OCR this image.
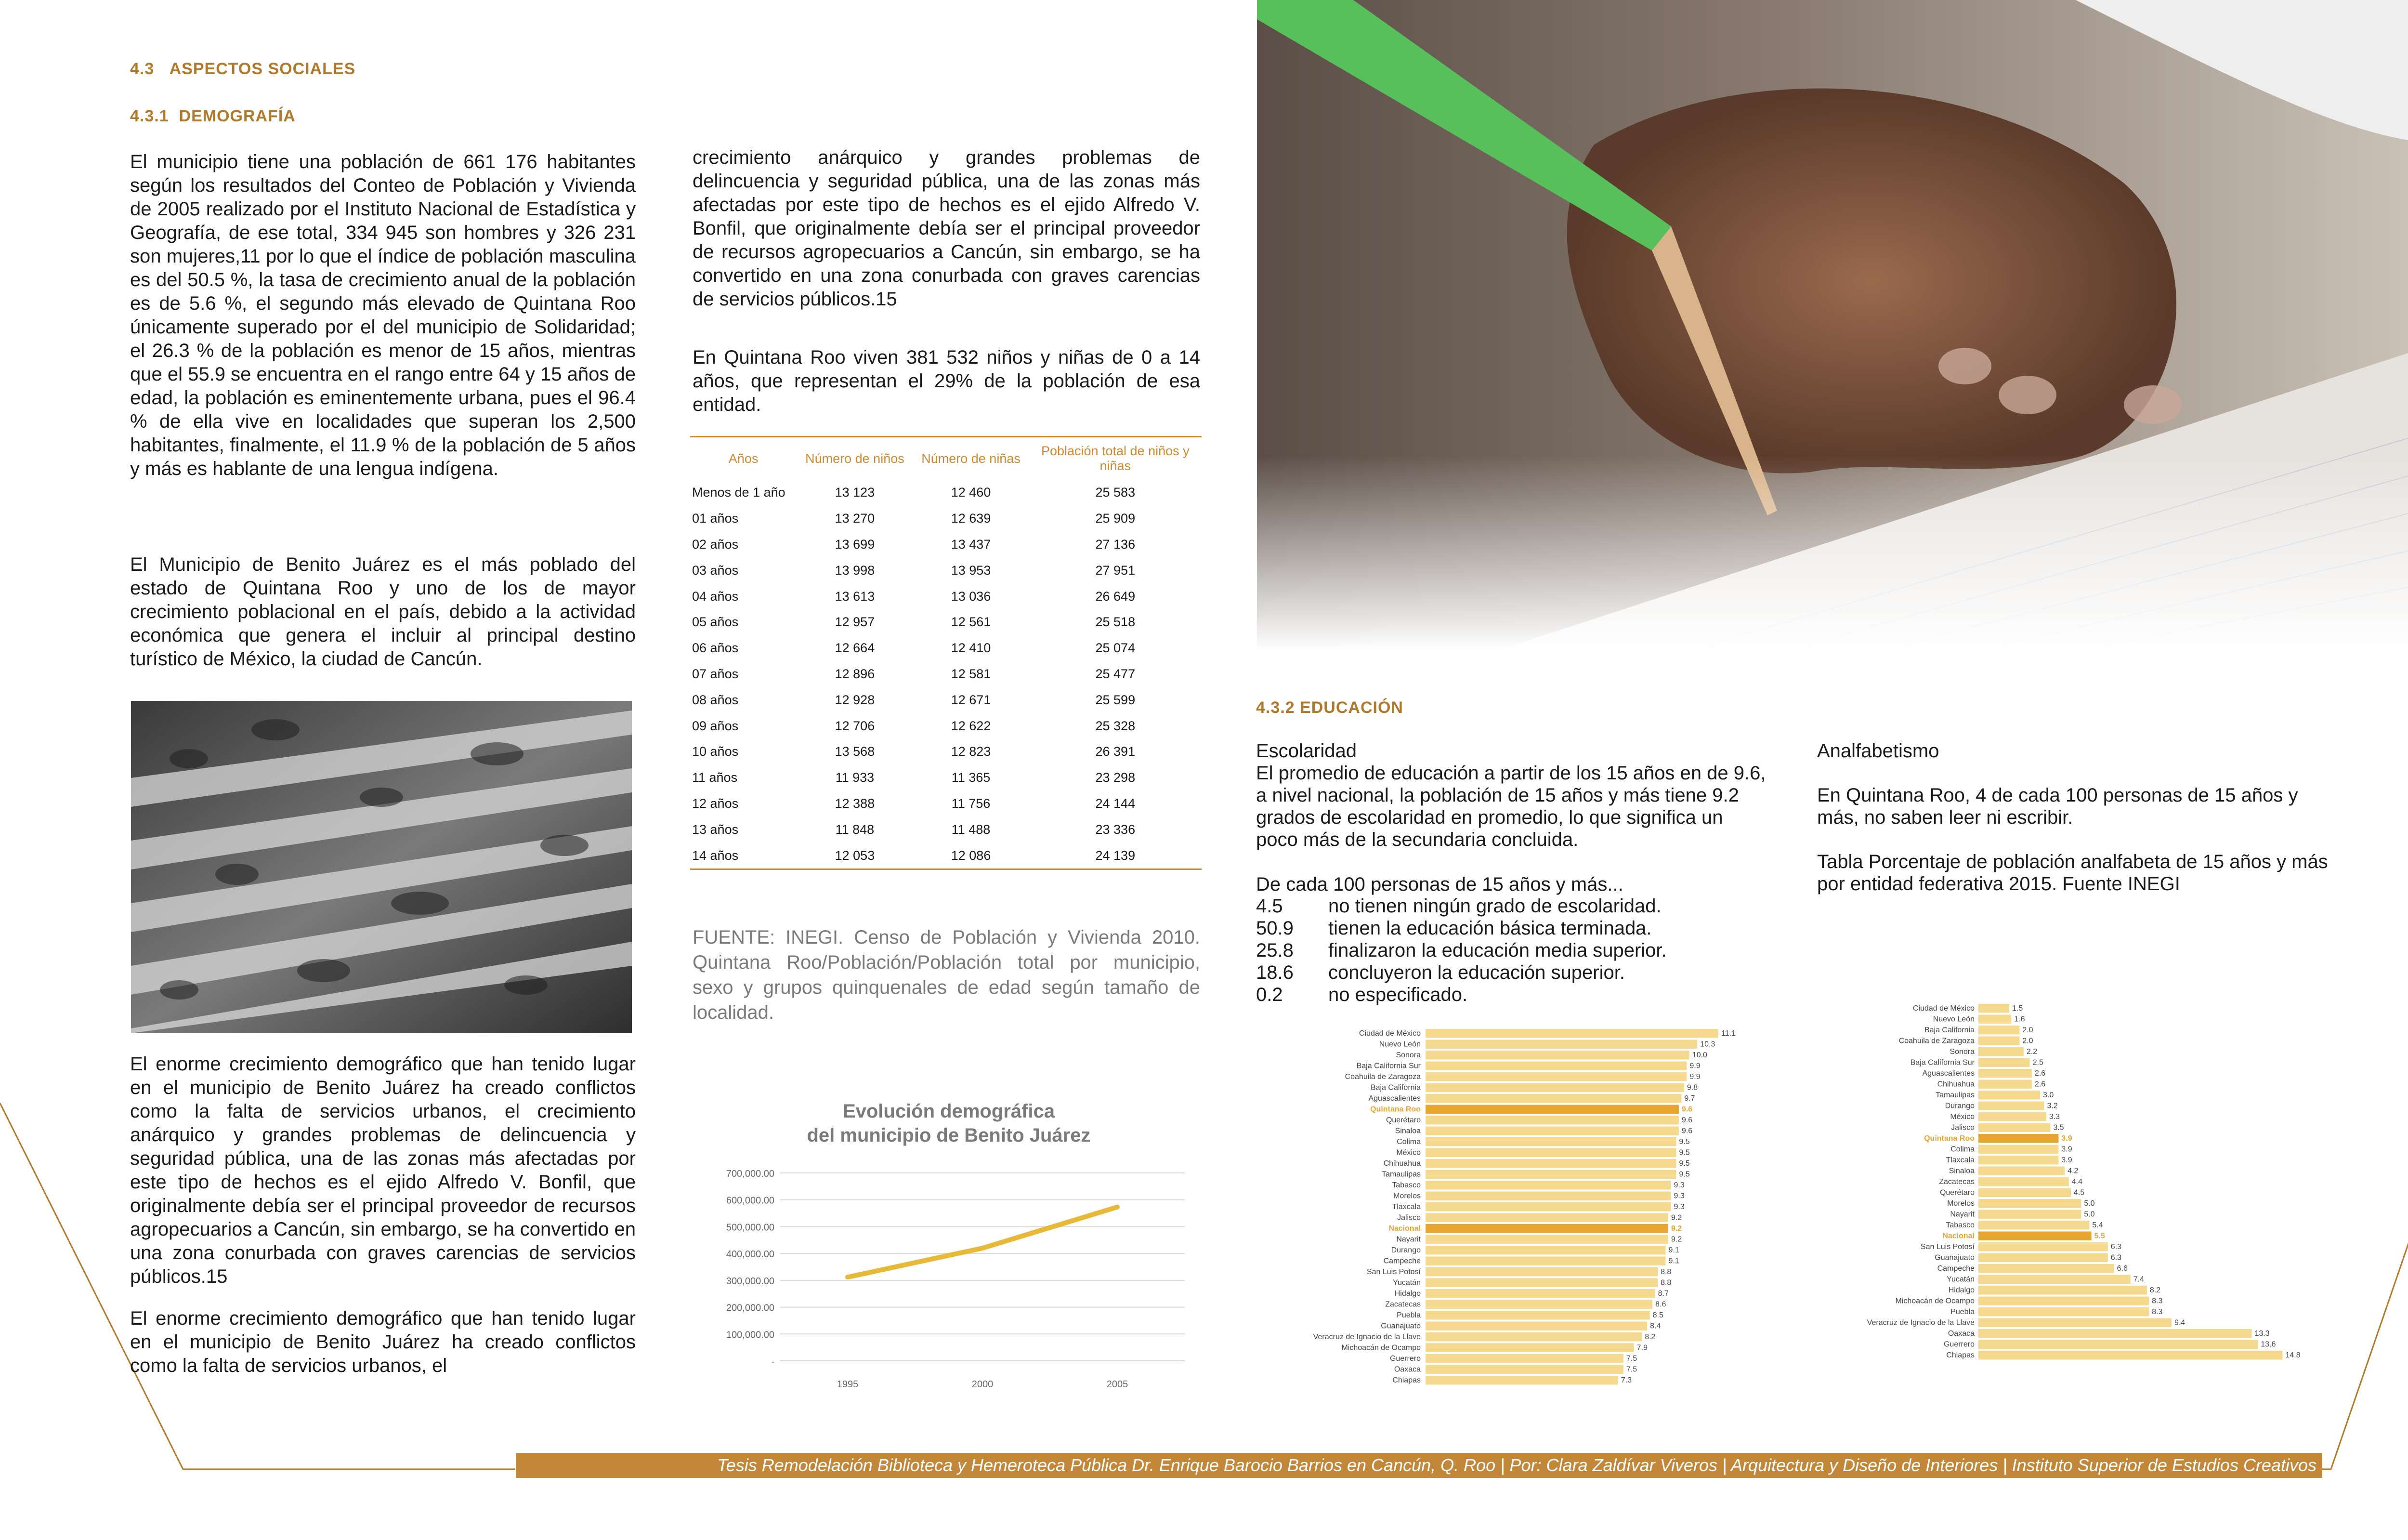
4.3 ASPECTOS SOCIALES
4.3.1 DEMOGRAFÍA
El municipio tiene una población de 661 176 habitantes según los resultados del Conteo de Población y Vivienda de 2005 realizado por el Instituto Nacional de Estadística y Geografía, de ese total, 334 945 son hombres y 326 231 son mujeres,11 por lo que el índice de población masculina es del 50.5 %, la tasa de crecimiento anual de la población es de 5.6 %, el segundo más elevado de Quintana Roo únicamente superado por el del municipio de Solidaridad; el 26.3 % de la población es menor de 15 años, mientras que el 55.9 se encuentra en el rango entre 64 y 15 años de edad, la población es eminentemente urbana, pues el 96.4 % de ella vive en localidades que superan los 2,500 habitantes, finalmente, el 11.9 % de la población de 5 años y más es hablante de una lengua indígena.
El Municipio de Benito Juárez es el más poblado del estado de Quintana Roo y uno de los de mayor crecimiento poblacional en el país, debido a la actividad económica que genera el incluir al principal destino turístico de México, la ciudad de Cancún.
El enorme crecimiento demográfico que han tenido lugar en el municipio de Benito Juárez ha creado conflictos como la falta de servicios urbanos, el crecimiento anárquico y grandes problemas de delincuencia y seguridad pública, una de las zonas más afectadas por este tipo de hechos es el ejido Alfredo V. Bonfil, que originalmente debía ser el principal proveedor de recursos agropecuarios a Cancún, sin embargo, se ha convertido en una zona conurbada con graves carencias de servicios públicos.15
El enorme crecimiento demográfico que han tenido lugar en el municipio de Benito Juárez ha creado conflictos como la falta de servicios urbanos, el
crecimiento anárquico y grandes problemas de delincuencia y seguridad pública, una de las zonas más afectadas por este tipo de hechos es el ejido Alfredo V. Bonfil, que originalmente debía ser el principal proveedor de recursos agropecuarios a Cancún, sin embargo, se ha convertido en una zona conurbada con graves carencias de servicios públicos.15
En Quintana Roo viven 381 532 niños y niñas de 0 a 14 años, que representan el 29% de la población de esa entidad.
Años	Número de niños	Número de niñas	Población total de niños y niñas
Menos de 1 año	13 123	12 460	25 583
01 años	13 270	12 639	25 909
02 años	13 699	13 437	27 136
03 años	13 998	13 953	27 951
04 años	13 613	13 036	26 649
05 años	12 957	12 561	25 518
06 años	12 664	12 410	25 074
07 años	12 896	12 581	25 477
08 años	12 928	12 671	25 599
09 años	12 706	12 622	25 328
10 años	13 568	12 823	26 391
11 años	11 933	11 365	23 298
12 años	12 388	11 756	24 144
13 años	11 848	11 488	23 336
14 años	12 053	12 086	24 139
FUENTE: INEGI. Censo de Población y Vivienda 2010. Quintana Roo/Población/Población total por municipio, sexo y grupos quinquenales de edad según tamaño de localidad.
Evolución demográfica
del municipio de Benito Juárez
-
100,000.00
200,000.00
300,000.00
400,000.00
500,000.00
600,000.00
700,000.00
1995	2000	2005
4.3.2 EDUCACIÓN
Escolaridad
El promedio de educación a partir de los 15 años en de 9.6, a nivel nacional, la población de 15 años y más tiene 9.2 grados de escolaridad en promedio, lo que significa un poco más de la secundaria concluida.
De cada 100 personas de 15 años y más...
4.5	no tienen ningún grado de escolaridad.
50.9	tienen la educación básica terminada.
25.8	finalizaron la educación media superior.
18.6	concluyeron la educación superior.
0.2	no especificado.
Analfabetismo
En Quintana Roo, 4 de cada 100 personas de 15 años y más, no saben leer ni escribir.
Tabla Porcentaje de población analfabeta de 15 años y más por entidad federativa 2015. Fuente INEGI
Ciudad de México	11.1
Nuevo León	10.3
Sonora	10.0
Baja California Sur	9.9
Coahuila de Zaragoza	9.9
Baja California	9.8
Aguascalientes	9.7
Quintana Roo	9.6
Querétaro	9.6
Sinaloa	9.6
Colima	9.5
México	9.5
Chihuahua	9.5
Tamaulipas	9.5
Tabasco	9.3
Morelos	9.3
Tlaxcala	9.3
Jalisco	9.2
Nacional	9.2
Nayarit	9.2
Durango	9.1
Campeche	9.1
San Luis Potosí	8.8
Yucatán	8.8
Hidalgo	8.7
Zacatecas	8.6
Puebla	8.5
Guanajuato	8.4
Veracruz de Ignacio de la Llave	8.2
Michoacán de Ocampo	7.9
Guerrero	7.5
Oaxaca	7.5
Chiapas	7.3
Ciudad de México	1.5
Nuevo León	1.6
Baja California	2.0
Coahuila de Zaragoza	2.0
Sonora	2.2
Baja California Sur	2.5
Aguascalientes	2.6
Chihuahua	2.6
Tamaulipas	3.0
Durango	3.2
México	3.3
Jalisco	3.5
Quintana Roo	3.9
Colima	3.9
Tlaxcala	3.9
Sinaloa	4.2
Zacatecas	4.4
Querétaro	4.5
Morelos	5.0
Nayarit	5.0
Tabasco	5.4
Nacional	5.5
San Luis Potosí	6.3
Guanajuato	6.3
Campeche	6.6
Yucatán	7.4
Hidalgo	8.2
Michoacán de Ocampo	8.3
Puebla	8.3
Veracruz de Ignacio de la Llave	9.4
Oaxaca	13.3
Guerrero	13.6
Chiapas	14.8
Tesis Remodelación Biblioteca y Hemeroteca Pública Dr. Enrique Barocio Barrios en Cancún, Q. Roo | Por: Clara Zaldívar Viveros | Arquitectura y Diseño de Interiores | Instituto Superior de Estudios Creativos
